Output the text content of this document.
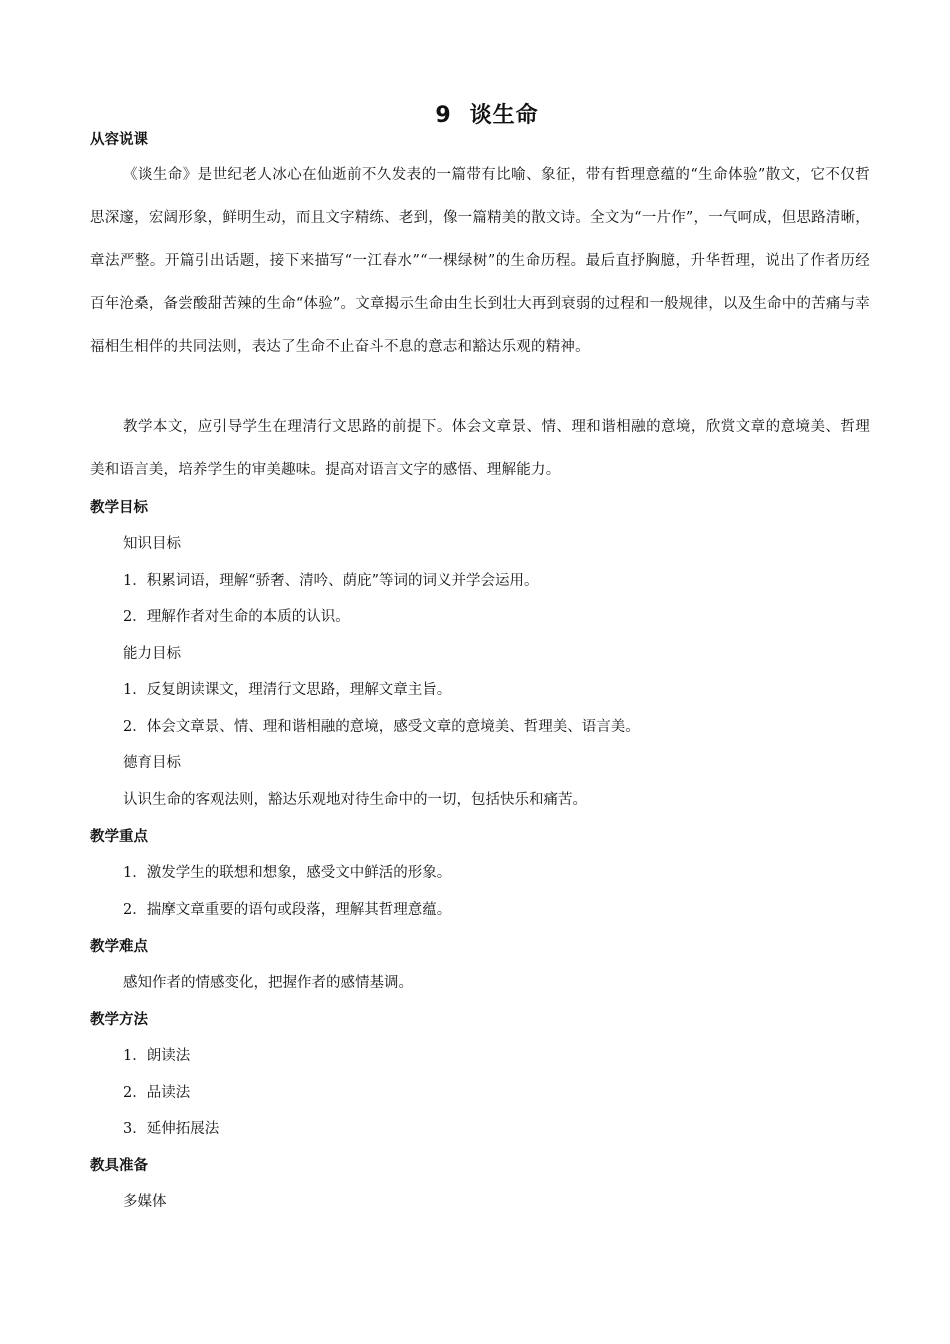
9 谈生命
从容说课
《谈生命》是世纪老人冰心在仙逝前不久发表的一篇带有比喻、象征，带有哲理意蕴的“生命体验”散文，它不仅哲思深邃，宏阔形象，鲜明生动，而且文字精练、老到，像一篇精美的散文诗。全文为“一片作”，一气呵成，但思路清晰，章法严整。开篇引出话题，接下来描写“一江春水”“一棵绿树”的生命历程。最后直抒胸臆，升华哲理，说出了作者历经百年沧桑，备尝酸甜苦辣的生命“体验”。文章揭示生命由生长到壮大再到衰弱的过程和一般规律，以及生命中的苦痛与幸福相生相伴的共同法则，表达了生命不止奋斗不息的意志和豁达乐观的精神。
教学本文，应引导学生在理清行文思路的前提下。体会文章景、情、理和谐相融的意境，欣赏文章的意境美、哲理美和语言美，培养学生的审美趣味。提高对语言文字的感悟、理解能力。
教学目标
知识目标
1．积累词语，理解“骄奢、清吟、荫庇”等词的词义并学会运用。
2．理解作者对生命的本质的认识。
能力目标
1．反复朗读课文，理清行文思路，理解文章主旨。
2．体会文章景、情、理和谐相融的意境，感受文章的意境美、哲理美、语言美。
德育目标
认识生命的客观法则，豁达乐观地对待生命中的一切，包括快乐和痛苦。
教学重点
1．激发学生的联想和想象，感受文中鲜活的形象。
2．揣摩文章重要的语句或段落，理解其哲理意蕴。
教学难点
感知作者的情感变化，把握作者的感情基调。
教学方法
1．朗读法
2．品读法
3．延伸拓展法
教具准备
多媒体
